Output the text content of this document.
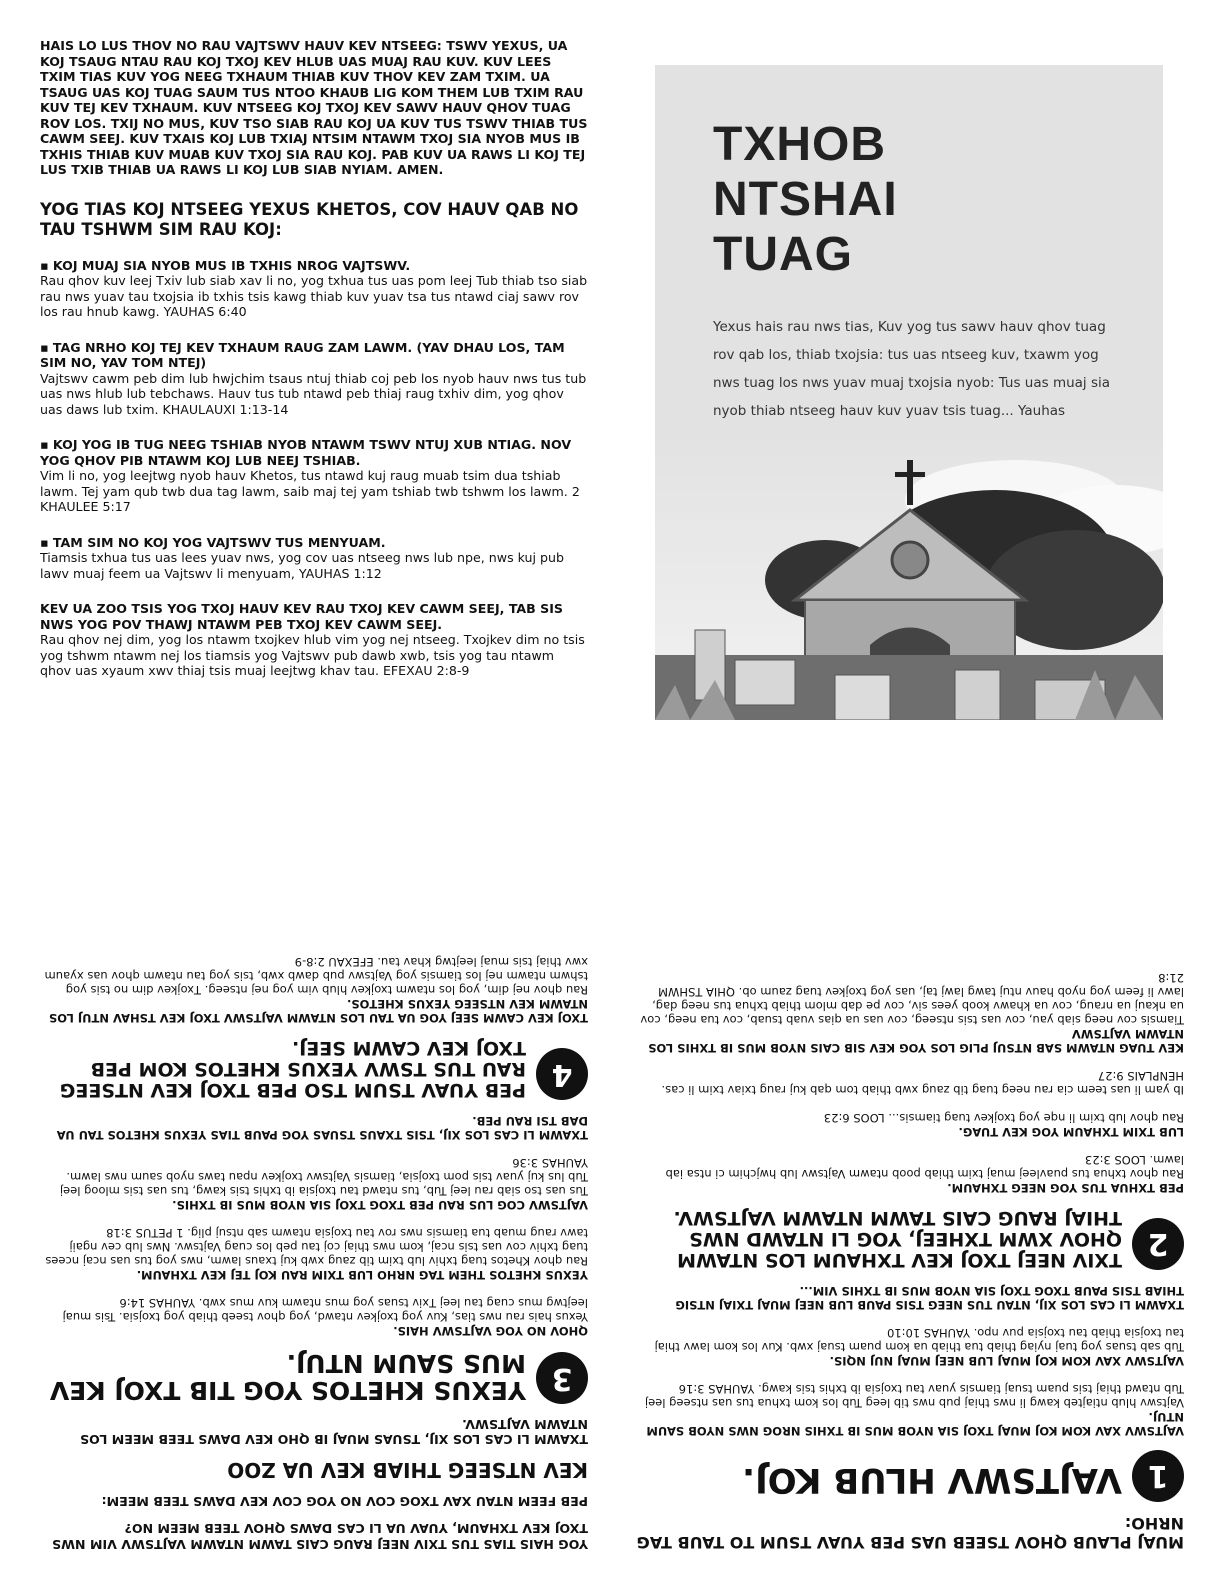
HAIS LO LUS THOV NO RAU VAJTSWV HAUV KEV NTSEEG: TSWV YEXUS, UA KOJ TSAUG NTAU RAU KOJ TXOJ KEV HLUB UAS MUAJ RAU KUV. KUV LEES TXIM TIAS KUV YOG NEEG TXHAUM THIAB KUV THOV KEV ZAM TXIM. UA TSAUG UAS KOJ TUAG SAUM TUS NTOO KHAUB LIG KOM THEM LUB TXIM RAU KUV TEJ KEV TXHAUM. KUV NTSEEG KOJ TXOJ KEV SAWV HAUV QHOV TUAG ROV LOS. TXIJ NO MUS, KUV TSO SIAB RAU KOJ UA KUV TUS TSWV THIAB TUS CAWM SEEJ. KUV TXAIS KOJ LUB TXIAJ NTSIM NTAWM TXOJ SIA NYOB MUS IB TXHIS THIAB KUV MUAB KUV TXOJ SIA RAU KOJ. PAB KUV UA RAWS LI KOJ TEJ LUS TXIB THIAB UA RAWS LI KOJ LUB SIAB NYIAM. AMEN.

YOG TIAS KOJ NTSEEG YEXUS KHETOS, COV HAUV QAB NO TAU TSHWM SIM RAU KOJ:
▪ KOJ MUAJ SIA NYOB MUS IB TXHIS NROG VAJTSWV.
Rau qhov kuv leej Txiv lub siab xav li no, yog txhua tus uas pom leej Tub thiab tso siab rau nws yuav tau txojsia ib txhis tsis kawg thiab kuv yuav tsa tus ntawd ciaj sawv rov los rau hnub kawg. YAUHAS 6:40
▪ TAG NRHO KOJ TEJ KEV TXHAUM RAUG ZAM LAWM. (YAV DHAU LOS, TAM SIM NO, YAV TOM NTEJ)
Vajtswv cawm peb dim lub hwjchim tsaus ntuj thiab coj peb los nyob hauv nws tus tub uas nws hlub lub tebchaws. Hauv tus tub ntawd peb thiaj raug txhiv dim, yog qhov uas daws lub txim. KHAULAUXI 1:13-14
▪ KOJ YOG IB TUG NEEG TSHIAB NYOB NTAWM TSWV NTUJ XUB NTIAG. NOV YOG QHOV PIB NTAWM KOJ LUB NEEJ TSHIAB.
Vim li no, yog leejtwg nyob hauv Khetos, tus ntawd kuj raug muab tsim dua tshiab lawm. Tej yam qub twb dua tag lawm, saib maj tej yam tshiab twb tshwm los lawm. 2 KHAULEE 5:17
▪ TAM SIM NO KOJ YOG VAJTSWV TUS MENYUAM.
Tiamsis txhua tus uas lees yuav nws, yog cov uas ntseeg nws lub npe, nws kuj pub lawv muaj feem ua Vajtswv li menyuam, YAUHAS 1:12
KEV UA ZOO TSIS YOG TXOJ HAUV KEV RAU TXOJ KEV CAWM SEEJ, TAB SIS NWS YOG POV THAWJ NTAWM PEB TXOJ KEV CAWM SEEJ.
Rau qhov nej dim, yog los ntawm txojkev hlub vim yog nej ntseeg. Txojkev dim no tsis yog tshwm ntawm nej los tiamsis yog Vajtswv pub dawb xwb, tsis yog tau ntawm qhov uas xyaum xwv thiaj tsis muaj leejtwg khav tau. EFEXAU 2:8-9
TXHOB
NTSHAI
TUAG
Yexus hais rau nws tias, Kuv yog tus sawv hauv qhov tuag rov qab los, thiab txojsia: tus uas ntseeg kuv, txawm yog nws tuag los nws yuav muaj txojsia nyob: Tus uas muaj sia nyob thiab ntseeg hauv kuv yuav tsis tuag... Yauhas
YOG HAIS TIAS TUS TXIV NEEJ RAUG CAIS TAWM NTAWM VAJTSWV VIM NWS TXOJ KEV TXHAUM, YUAV UA LI CAS DAWS QHOV TEEB MEEM NO?
PEB FEEM NTAU XAV TXOG COV NO YOG COV KEV DAWS TEEB MEEM:
KEV NTSEEG THIAB KEV UA ZOO
TXAWM LI CAS LOS XIJ, TSUAS MUAJ IB QHO KEV DAWS TEEB MEEM LOS NTAWM VAJTSWV.
3
YEXUS KHETOS YOG TIB TXOJ KEV MUS SAUM NTUJ.
QHOV NO YOG VAJTSWV HAIS.
Yexus hais rau nws tias, Kuv yog txojkev ntawd, yog qhov tseeb thiab yog txojsia. Tsis muaj leejtwg mus cuag tau leej Txiv tsuas yog mus ntawm kuv mus xwb. YAUHAS 14:6
YEXUS KHETOS THEM TAG NRHO LUB TXIM RAU KOJ TEJ KEV TXHAUM.
Rau qhov Khetos tuag txhiv lub txim tib zaug xwb kuj txaus lawm, nws yog tus uas ncaj ncees tuag txhiv cov uas tsis ncaj, kom nws thiaj coj tau peb los cuag Vajtswv. Nws lub cev ngaij tawv raug muab tua tiamsis nws rov tau txojsia ntawm sab ntsuj plig. 1 PETUS 3:18
VAJTSWV COG LUS RAU PEB TXOG TXOJ SIA NYOB MUS IB TXHIS.
Tus uas tso siab rau leej Tub, tus ntawd tau txojsia ib txhis tsis kawg, tus uas tsis mloog leej Tub lus kuj yuav tsis pom txojsia, tiamsis Vajtswv txojkev npau taws nyob saum nws lawm. YAUHAS 3:36
TXAWM LI CAS LOS XIJ, TSIS TXAUS TSUAS YOG PAUB TIAS YEXUS KHETOS TAU UA DAB TSI RAU PEB.
4
PEB YUAV TSUM TSO PEB TXOJ KEV NTSEEG RAU TUS TSWV YEXUS KHETOS KOM PEB TXOJ KEV CAWM SEEJ.
TXOJ KEV CAWM SEEJ YOG UA TAU LOS NTAWM VAJTSWV TXOJ KEV TSHAV NTUJ LOS NTAWM KEV NTSEEG YEXUS KHETOS.
Rau qhov nej dim, yog los ntawm txojkev hlub vim yog nej ntseeg. Txojkev dim no tsis yog tshwm ntawm nej los tiamsis yog Vajtswv pub dawb xwb, tsis yog tau ntawm qhov uas xyaum xwv thiaj tsis muaj leejtwg khav tau. EFEXAU 2:8-9
MUAJ PLAUB QHOV TSEEB UAS PEB YUAV TSUM TO TAUB TAG NRHO:
1
VAJTSWV HLUB KOJ.
VAJTSWV XAV KOM KOJ MUAJ TXOJ SIA NYOB MUS IB TXHIS NROG NWS NYOB SAUM NTUJ.
Vajtswv hlub ntiajteb kawg li nws thiaj pub nws tib leeg Tub los kom txhua tus uas ntseeg leej Tub ntawd thiaj tsis puam tsuaj tiamsis yuav tau txojsia ib txhis tsis kawg. YAUHAS 3:16
VAJTSWV XAV KOM KOJ MUAJ LUB NEEJ MUAJ NUJ NQIS.
Tub sab tsuas yog tuaj nyiag thiab tua thiab ua kom puam tsuaj xwb. Kuv los kom lawv thiaj tau txojsia thiab tau txojsia puv npo. YAUHAS 10:10
TXAWM LI CAS LOS XIJ, NTAU TUS NEEG TSIS PAUB LUB NEEJ MUAJ TXIAJ NTSIG THIAB TSIS PAUB TXOG TXOJ SIA NYOB MUS IB TXHIS VIM...
2
TXIV NEEJ TXOJ KEV TXHAUM LOS NTAWM QHOV XWM TXHEEJ, YOG LI NTAWD NWS THIAJ RAUG CAIS TAWM NTAWM VAJTSWV.
PEB TXHUA TUS YOG NEEG TXHAUM.
Rau qhov txhua tus puavleej muaj txim thiab poob ntawm Vajtswv lub hwjchim ci ntsa iab lawm. LOOS 3:23
LUB TXIM TXHAUM YOG KEV TUAG.
Rau qhov lub txim li nqe yog txojkev tuag tiamsis... LOOS 6:23
Ib yam li uas teem cia rau neeg tuag tib zaug xwb thiab tom qab kuj raug txiav txim li cas. HENPLAIS 9:27
KEV TUAG NTAWM SAB NTSUJ PLIG LOS YOG KEV SIB CAIS NYOB MUS IB TXHIS LOS NTAWM VAJTSWV
Tiamsis cov neeg siab yau, cov uas tsis ntseeg, cov uas ua qias vuab tsuab, cov tua neeg, cov ua nkauj ua nraug, cov ua khawv koob yees siv, cov pe dab mlom thiab txhua tus neeg dag, lawv li feem yog nyob hauv ntuj tawg lawj taj, uas yog txojkev tuag zaum ob. QHIA TSHWM 21:8
